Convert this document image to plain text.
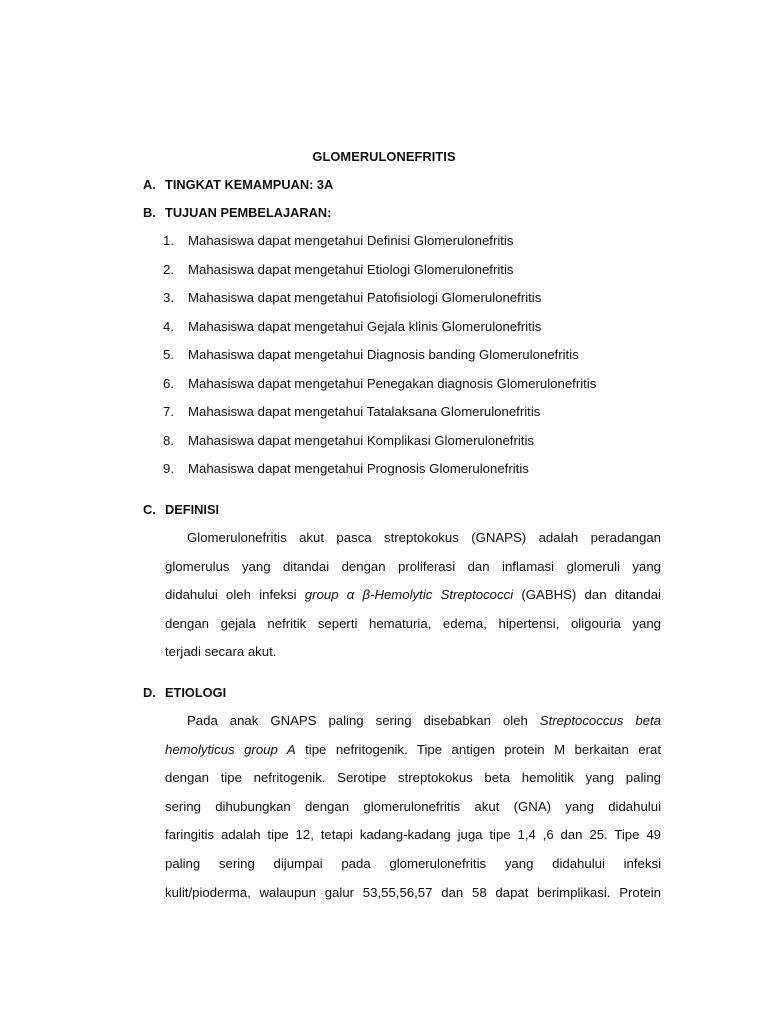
GLOMERULONEFRITIS
A. TINGKAT KEMAMPUAN: 3A
B. TUJUAN PEMBELAJARAN:
1. Mahasiswa dapat mengetahui Definisi Glomerulonefritis
2. Mahasiswa dapat mengetahui Etiologi Glomerulonefritis
3. Mahasiswa dapat mengetahui Patofisiologi Glomerulonefritis
4. Mahasiswa dapat mengetahui Gejala klinis Glomerulonefritis
5. Mahasiswa dapat mengetahui Diagnosis banding Glomerulonefritis
6. Mahasiswa dapat mengetahui Penegakan diagnosis Glomerulonefritis
7. Mahasiswa dapat mengetahui Tatalaksana Glomerulonefritis
8. Mahasiswa dapat mengetahui Komplikasi Glomerulonefritis
9. Mahasiswa dapat mengetahui Prognosis Glomerulonefritis
C. DEFINISI
Glomerulonefritis akut pasca streptokokus (GNAPS) adalah peradangan
glomerulus yang ditandai dengan proliferasi dan inflamasi glomeruli yang
didahului oleh infeksi group α β-Hemolytic Streptococci (GABHS) dan ditandai
dengan gejala nefritik seperti hematuria, edema, hipertensi, oligouria yang
terjadi secara akut.
D. ETIOLOGI
Pada anak GNAPS paling sering disebabkan oleh Streptococcus beta
hemolyticus group A tipe nefritogenik. Tipe antigen protein M berkaitan erat
dengan tipe nefritogenik. Serotipe streptokokus beta hemolitik yang paling
sering dihubungkan dengan glomerulonefritis akut (GNA) yang didahului
faringitis adalah tipe 12, tetapi kadang-kadang juga tipe 1,4 ,6 dan 25. Tipe 49
paling sering dijumpai pada glomerulonefritis yang didahului infeksi
kulit/pioderma, walaupun galur 53,55,56,57 dan 58 dapat berimplikasi. Protein
